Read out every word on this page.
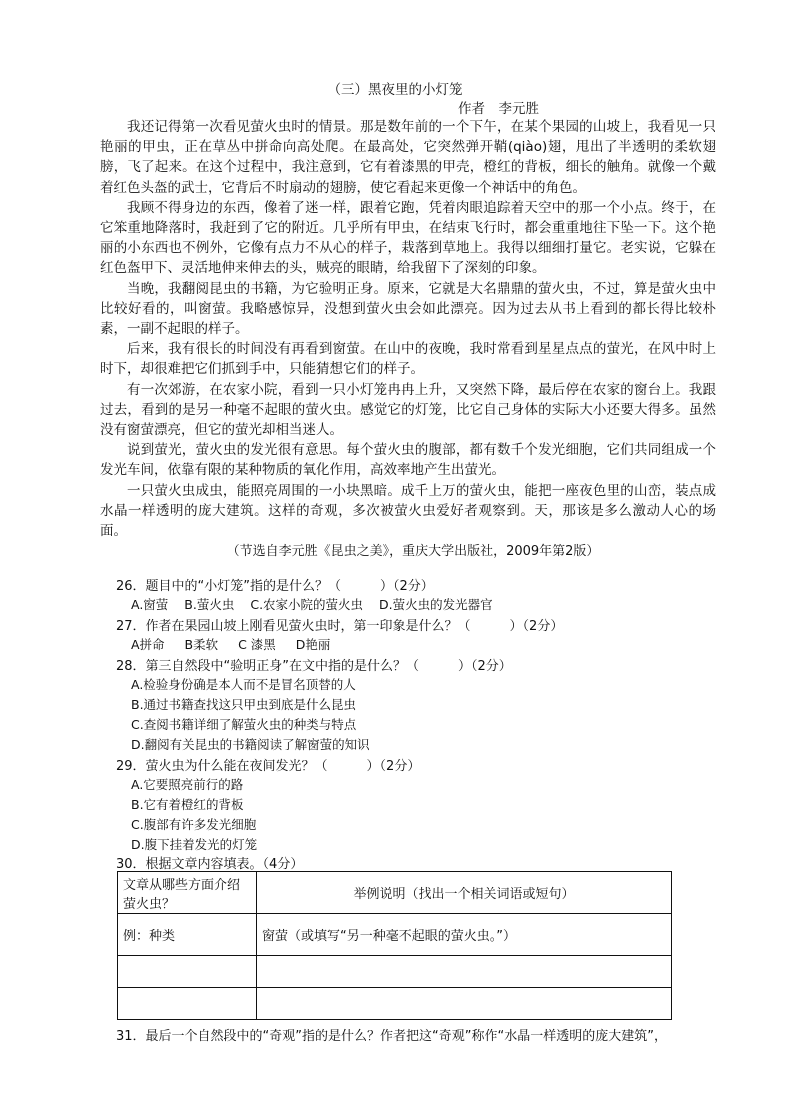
（三）黑夜里的小灯笼
作者　李元胜

我还记得第一次看见萤火虫时的情景。那是数年前的一个下午，在某个果园的山坡上，我看见一只艳丽的甲虫，正在草丛中拼命向高处爬。在最高处，它突然弹开鞘(qiào)翅，甩出了半透明的柔软翅膀，飞了起来。在这个过程中，我注意到，它有着漆黑的甲壳，橙红的背板，细长的触角。就像一个戴着红色头盔的武士，它背后不时扇动的翅膀，使它看起来更像一个神话中的角色。

我顾不得身边的东西，像着了迷一样，跟着它跑，凭着肉眼追踪着天空中的那一个小点。终于，在它笨重地降落时，我赶到了它的附近。几乎所有甲虫，在结束飞行时，都会重重地往下坠一下。这个艳丽的小东西也不例外，它像有点力不从心的样子，栽落到草地上。我得以细细打量它。老实说，它躲在红色盔甲下、灵活地伸来伸去的头，贼亮的眼睛，给我留下了深刻的印象。

当晚，我翻阅昆虫的书籍，为它验明正身。原来，它就是大名鼎鼎的萤火虫，不过，算是萤火虫中比较好看的，叫窗萤。我略感惊异，没想到萤火虫会如此漂亮。因为过去从书上看到的都长得比较朴素，一副不起眼的样子。

后来，我有很长的时间没有再看到窗萤。在山中的夜晚，我时常看到星星点点的萤光，在风中时上时下，却很难把它们抓到手中，只能猜想它们的样子。

有一次郊游，在农家小院，看到一只小灯笼冉冉上升，又突然下降，最后停在农家的窗台上。我跟过去，看到的是另一种毫不起眼的萤火虫。感觉它的灯笼，比它自己身体的实际大小还要大得多。虽然没有窗萤漂亮，但它的萤光却相当迷人。

说到萤光，萤火虫的发光很有意思。每个萤火虫的腹部，都有数千个发光细胞，它们共同组成一个发光车间，依靠有限的某种物质的氧化作用，高效率地产生出萤光。

一只萤火虫成虫，能照亮周围的一小块黑暗。成千上万的萤火虫，能把一座夜色里的山峦，装点成水晶一样透明的庞大建筑。这样的奇观，多次被萤火虫爱好者观察到。天，那该是多么激动人心的场面。

（节选自李元胜《昆虫之美》，重庆大学出版社，2009年第2版）
26．题目中的“小灯笼”指的是什么？（　　　）（2分）
A.窗萤 B.萤火虫 C.农家小院的萤火虫 D.萤火虫的发光器官
27．作者在果园山坡上刚看见萤火虫时，第一印象是什么？（　　　）（2分）
A拼命 B柔软 C 漆黑 D艳丽
28．第三自然段中“验明正身”在文中指的是什么？（　　　）（2分）
A.检验身份确是本人而不是冒名顶替的人
B.通过书籍查找这只甲虫到底是什么昆虫
C.查阅书籍详细了解萤火虫的种类与特点
D.翻阅有关昆虫的书籍阅读了解窗萤的知识
29．萤火虫为什么能在夜间发光？（　　　）（2分）
A.它要照亮前行的路
B.它有着橙红的背板
C.腹部有许多发光细胞
D.腹下挂着发光的灯笼
30．根据文章内容填表。（4分）
文章从哪些方面介绍萤火虫？	举例说明（找出一个相关词语或短句）
例：种类	窗萤（或填写“另一种毫不起眼的萤火虫。”）

31．最后一个自然段中的“奇观”指的是什么？作者把这“奇观”称作“水晶一样透明的庞大建筑”，
